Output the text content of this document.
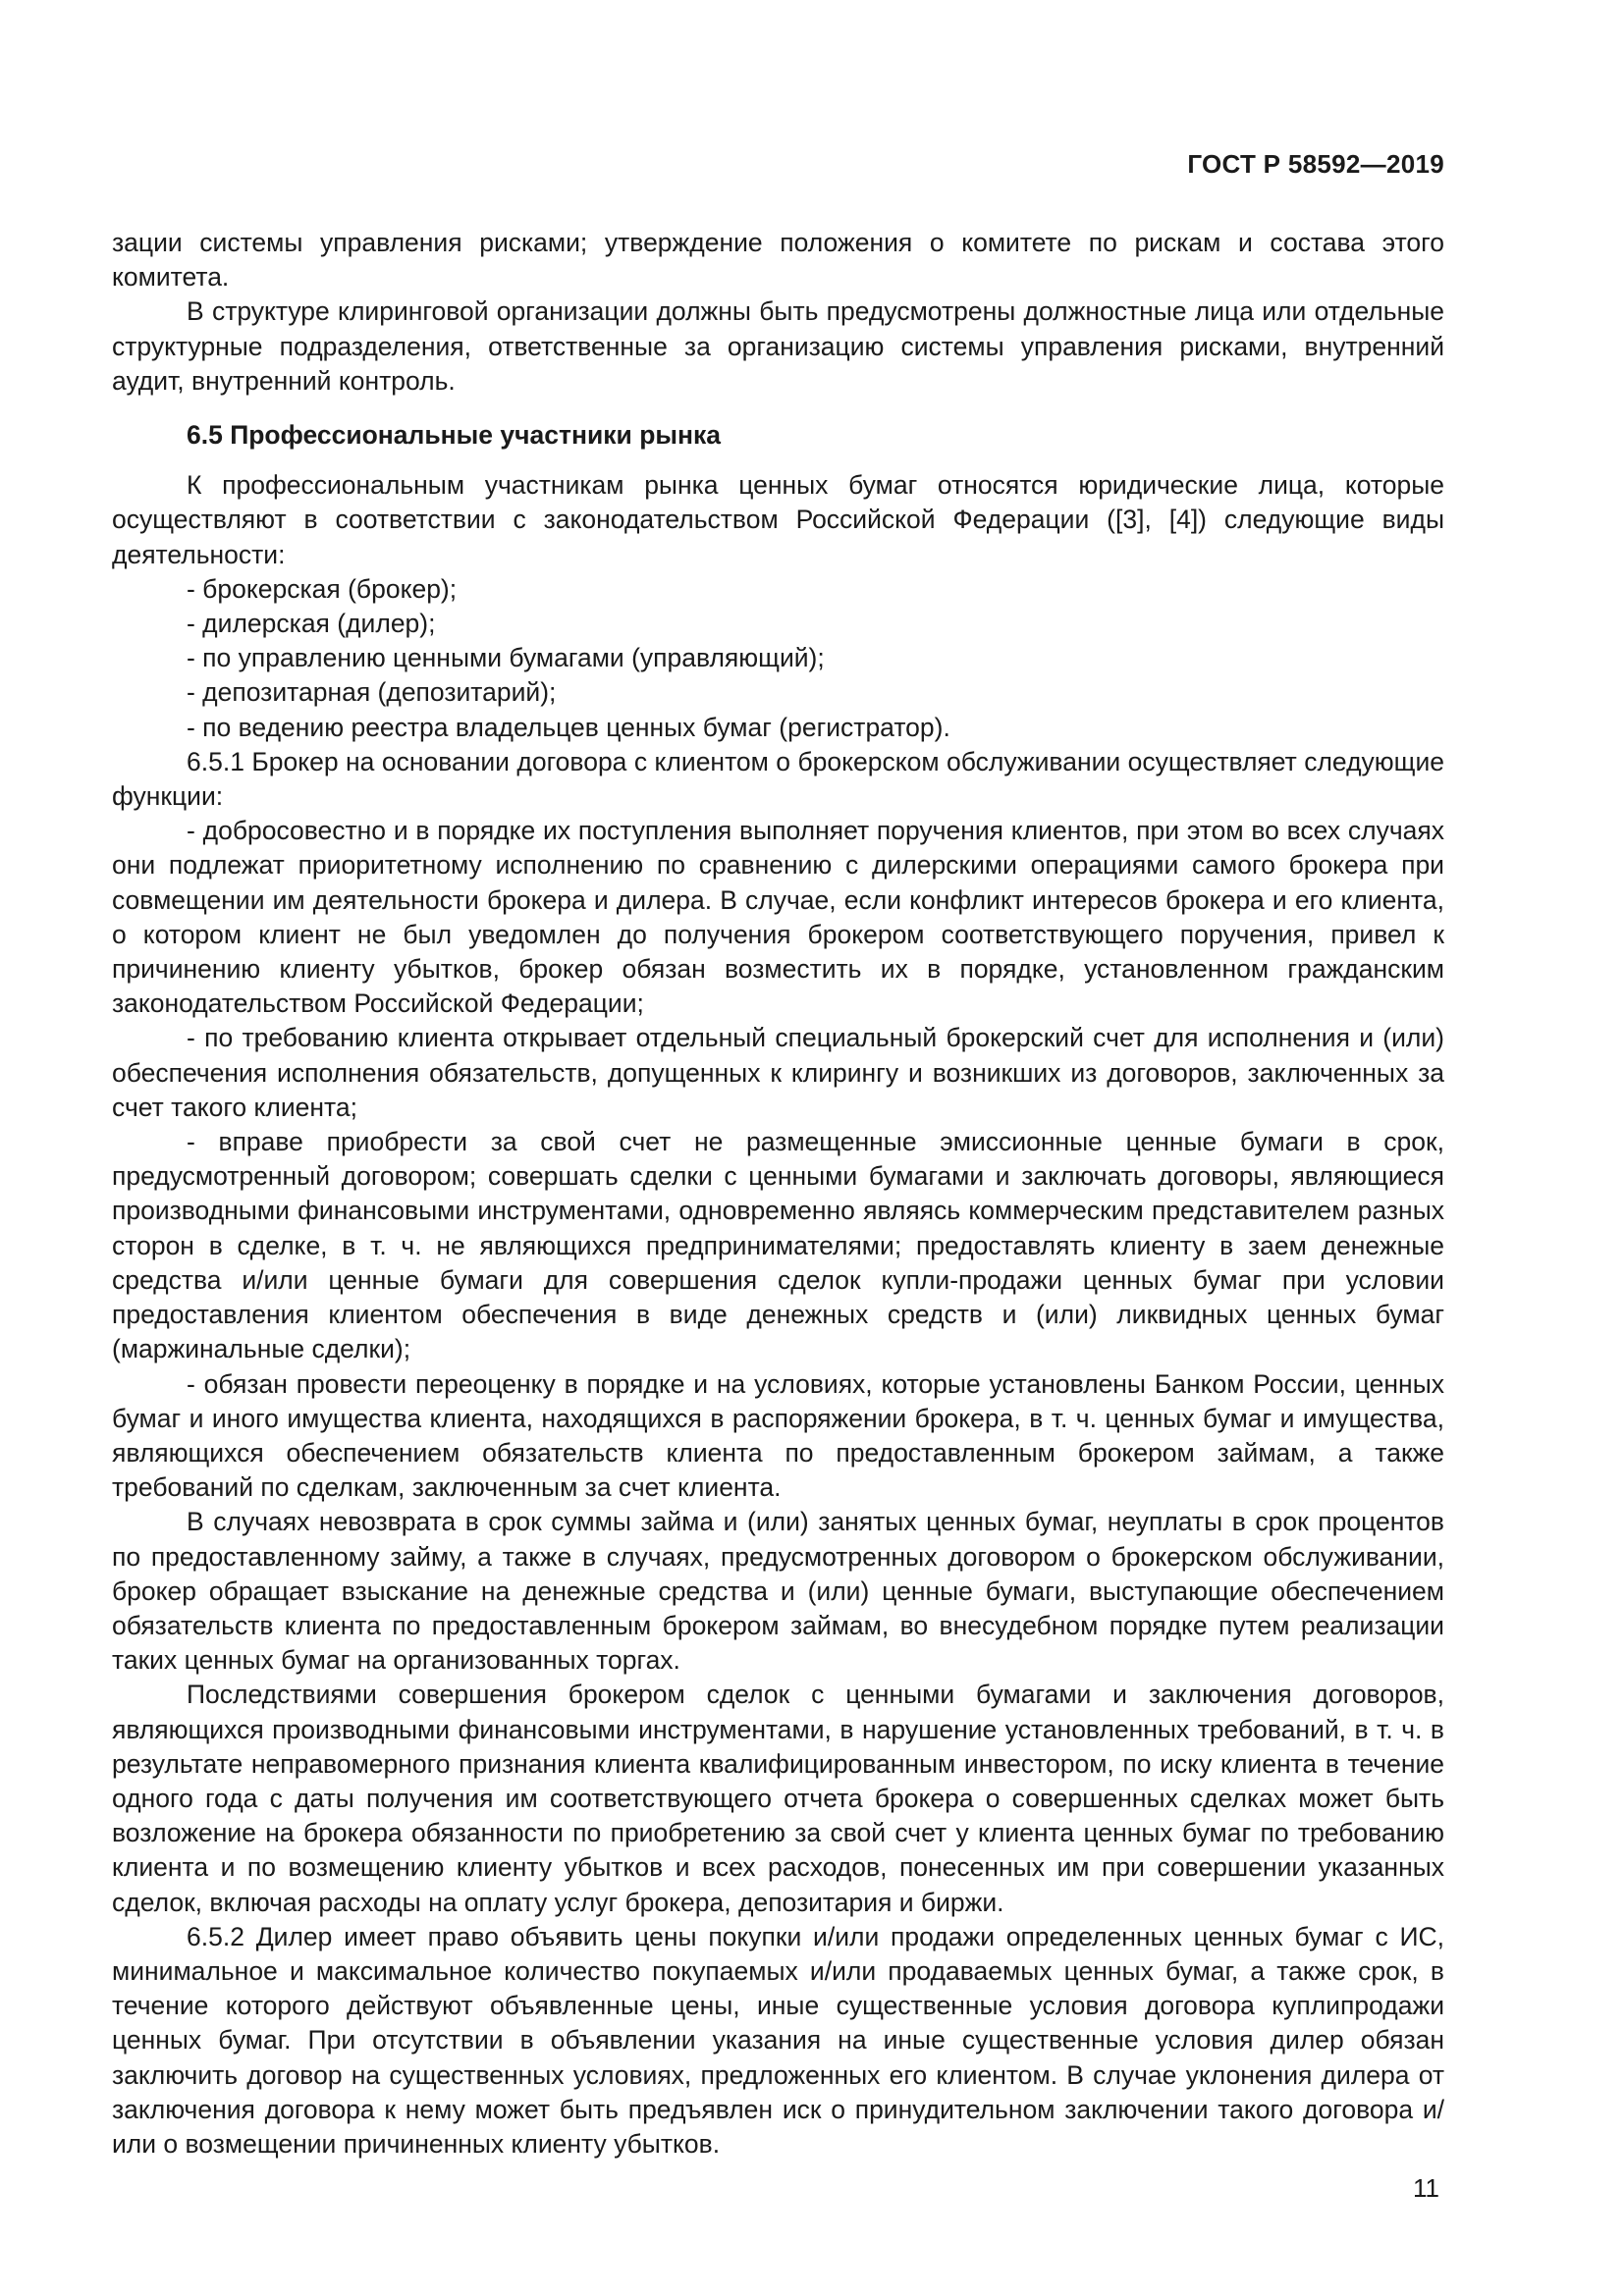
ГОСТ Р 58592—2019

зации системы управления рисками; утверждение положения о комитете по рискам и состава этого комитета.

В структуре клиринговой организации должны быть предусмотрены должностные лица или отдельные структурные подразделения, ответственные за организацию системы управления рисками, внутренний аудит, внутренний контроль.

6.5 Профессиональные участники рынка

К профессиональным участникам рынка ценных бумаг относятся юридические лица, которые осуществляют в соответствии с законодательством Российской Федерации ([3], [4]) следующие виды деятельности:

- брокерская (брокер);

- дилерская (дилер);

- по управлению ценными бумагами (управляющий);

- депозитарная (депозитарий);

- по ведению реестра владельцев ценных бумаг (регистратор).

6.5.1 Брокер на основании договора с клиентом о брокерском обслуживании осуществляет следующие функции:

- добросовестно и в порядке их поступления выполняет поручения клиентов, при этом во всех случаях они подлежат приоритетному исполнению по сравнению с дилерскими операциями самого брокера при совмещении им деятельности брокера и дилера. В случае, если конфликт интересов брокера и его клиента, о котором клиент не был уведомлен до получения брокером соответствующего поручения, привел к причинению клиенту убытков, брокер обязан возместить их в порядке, установленном гражданским законодательством Российской Федерации;

- по требованию клиента открывает отдельный специальный брокерский счет для исполнения и (или) обеспечения исполнения обязательств, допущенных к клирингу и возникших из договоров, заключенных за счет такого клиента;

- вправе приобрести за свой счет не размещенные эмиссионные ценные бумаги в срок, предусмотренный договором; совершать сделки с ценными бумагами и заключать договоры, являющиеся производными финансовыми инструментами, одновременно являясь коммерческим представителем разных сторон в сделке, в т. ч. не являющихся предпринимателями; предоставлять клиенту в заем денежные средства и/или ценные бумаги для совершения сделок купли-продажи ценных бумаг при условии предоставления клиентом обеспечения в виде денежных средств и (или) ликвидных ценных бумаг (маржинальные сделки);

- обязан провести переоценку в порядке и на условиях, которые установлены Банком России, ценных бумаг и иного имущества клиента, находящихся в распоряжении брокера, в т. ч. ценных бумаг и имущества, являющихся обеспечением обязательств клиента по предоставленным брокером займам, а также требований по сделкам, заключенным за счет клиента.

В случаях невозврата в срок суммы займа и (или) занятых ценных бумаг, неуплаты в срок процентов по предоставленному займу, а также в случаях, предусмотренных договором о брокерском обслуживании, брокер обращает взыскание на денежные средства и (или) ценные бумаги, выступающие обеспечением обязательств клиента по предоставленным брокером займам, во внесудебном порядке путем реализации таких ценных бумаг на организованных торгах.

Последствиями совершения брокером сделок с ценными бумагами и заключения договоров, являющихся производными финансовыми инструментами, в нарушение установленных требований, в т. ч. в результате неправомерного признания клиента квалифицированным инвестором, по иску клиента в течение одного года с даты получения им соответствующего отчета брокера о совершенных сделках может быть возложение на брокера обязанности по приобретению за свой счет у клиента ценных бумаг по требованию клиента и по возмещению клиенту убытков и всех расходов, понесенных им при совершении указанных сделок, включая расходы на оплату услуг брокера, депозитария и биржи.

6.5.2 Дилер имеет право объявить цены покупки и/или продажи определенных ценных бумаг с ИС, минимальное и максимальное количество покупаемых и/или продаваемых ценных бумаг, а также срок, в течение которого действуют объявленные цены, иные существенные условия договора куплипродажи ценных бумаг. При отсутствии в объявлении указания на иные существенные условия дилер обязан заключить договор на существенных условиях, предложенных его клиентом. В случае уклонения дилера от заключения договора к нему может быть предъявлен иск о принудительном заключении такого договора и/или о возмещении причиненных клиенту убытков.

11
